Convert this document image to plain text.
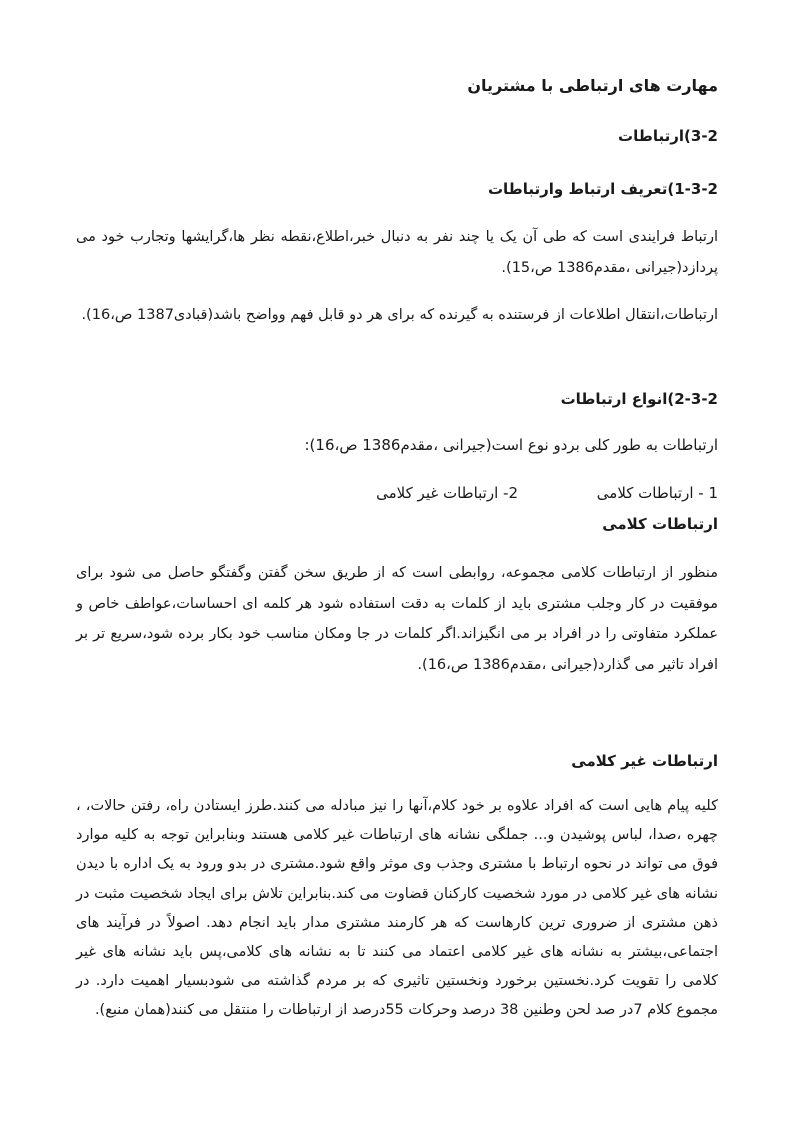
مهارت های ارتباطی با مشتریان
3-2)ارتباطات
1-3-2)تعریف ارتباط وارتباطات

ارتباط فرایندی است که طی آن یک یا چند نفر به دنبال خبر،اطلاع،نقطه نظر ها،گرایشها وتجارب خود می پردازد(جیرانی ،مقدم1386 ص،15).

ارتباطات،انتقال اطلاعات از فرستنده به گیرنده که برای هر دو قابل فهم وواضح باشد(قبادی1387 ص،16).

2-3-2)انواع ارتباطات

ارتباطات به طور کلی بردو نوع است(جیرانی ،مقدم1386 ص،16):

1 - ارتباطات کلامی
2- ارتباطات غیر کلامی
ارتباطات کلامی

منظور از ارتباطات کلامی مجموعه، روابطی است که از طریق سخن گفتن وگفتگو حاصل می شود برای موفقیت در کار وجلب مشتری باید از کلمات به دقت استفاده شود هر کلمه ای احساسات،عواطف خاص و عملکرد متفاوتی را در افراد بر می انگیزاند.اگر کلمات در جا ومکان مناسب خود بکار برده شود،سریع تر بر افراد تاثیر می گذارد(جیرانی ،مقدم1386 ص،16).

ارتباطات غیر کلامی

کلیه پیام هایی است که افراد علاوه بر خود کلام،آنها را نیز مبادله می کنند.طرز ایستادن راه، رفتن حالات، ، چهره ،صدا، لباس پوشیدن و... جملگی نشانه های ارتباطات غیر کلامی هستند وبنابراین توجه به کلیه موارد فوق می تواند در نحوه ارتباط با مشتری وجذب وی موثر واقع شود.مشتری در بدو ورود به یک اداره با دیدن نشانه های غیر کلامی در مورد شخصیت کارکنان قضاوت می کند.بنابراین تلاش برای ایجاد شخصیت مثبت در ذهن مشتری از ضروری ترین کارهاست که هر کارمند مشتری مدار باید انجام دهد. اصولاً در فرآیند های اجتماعی،بیشتر به نشانه های غیر کلامی اعتماد می کنند تا به نشانه های کلامی،پس باید نشانه های غیر کلامی را تقویت کرد.نخستین برخورد ونخستین تاثیری که بر مردم گذاشته می شودبسیار اهمیت دارد. در مجموع کلام 7در صد لحن وطنین 38 درصد وحرکات 55درصد از ارتباطات را منتقل می کنند(همان منبع).
